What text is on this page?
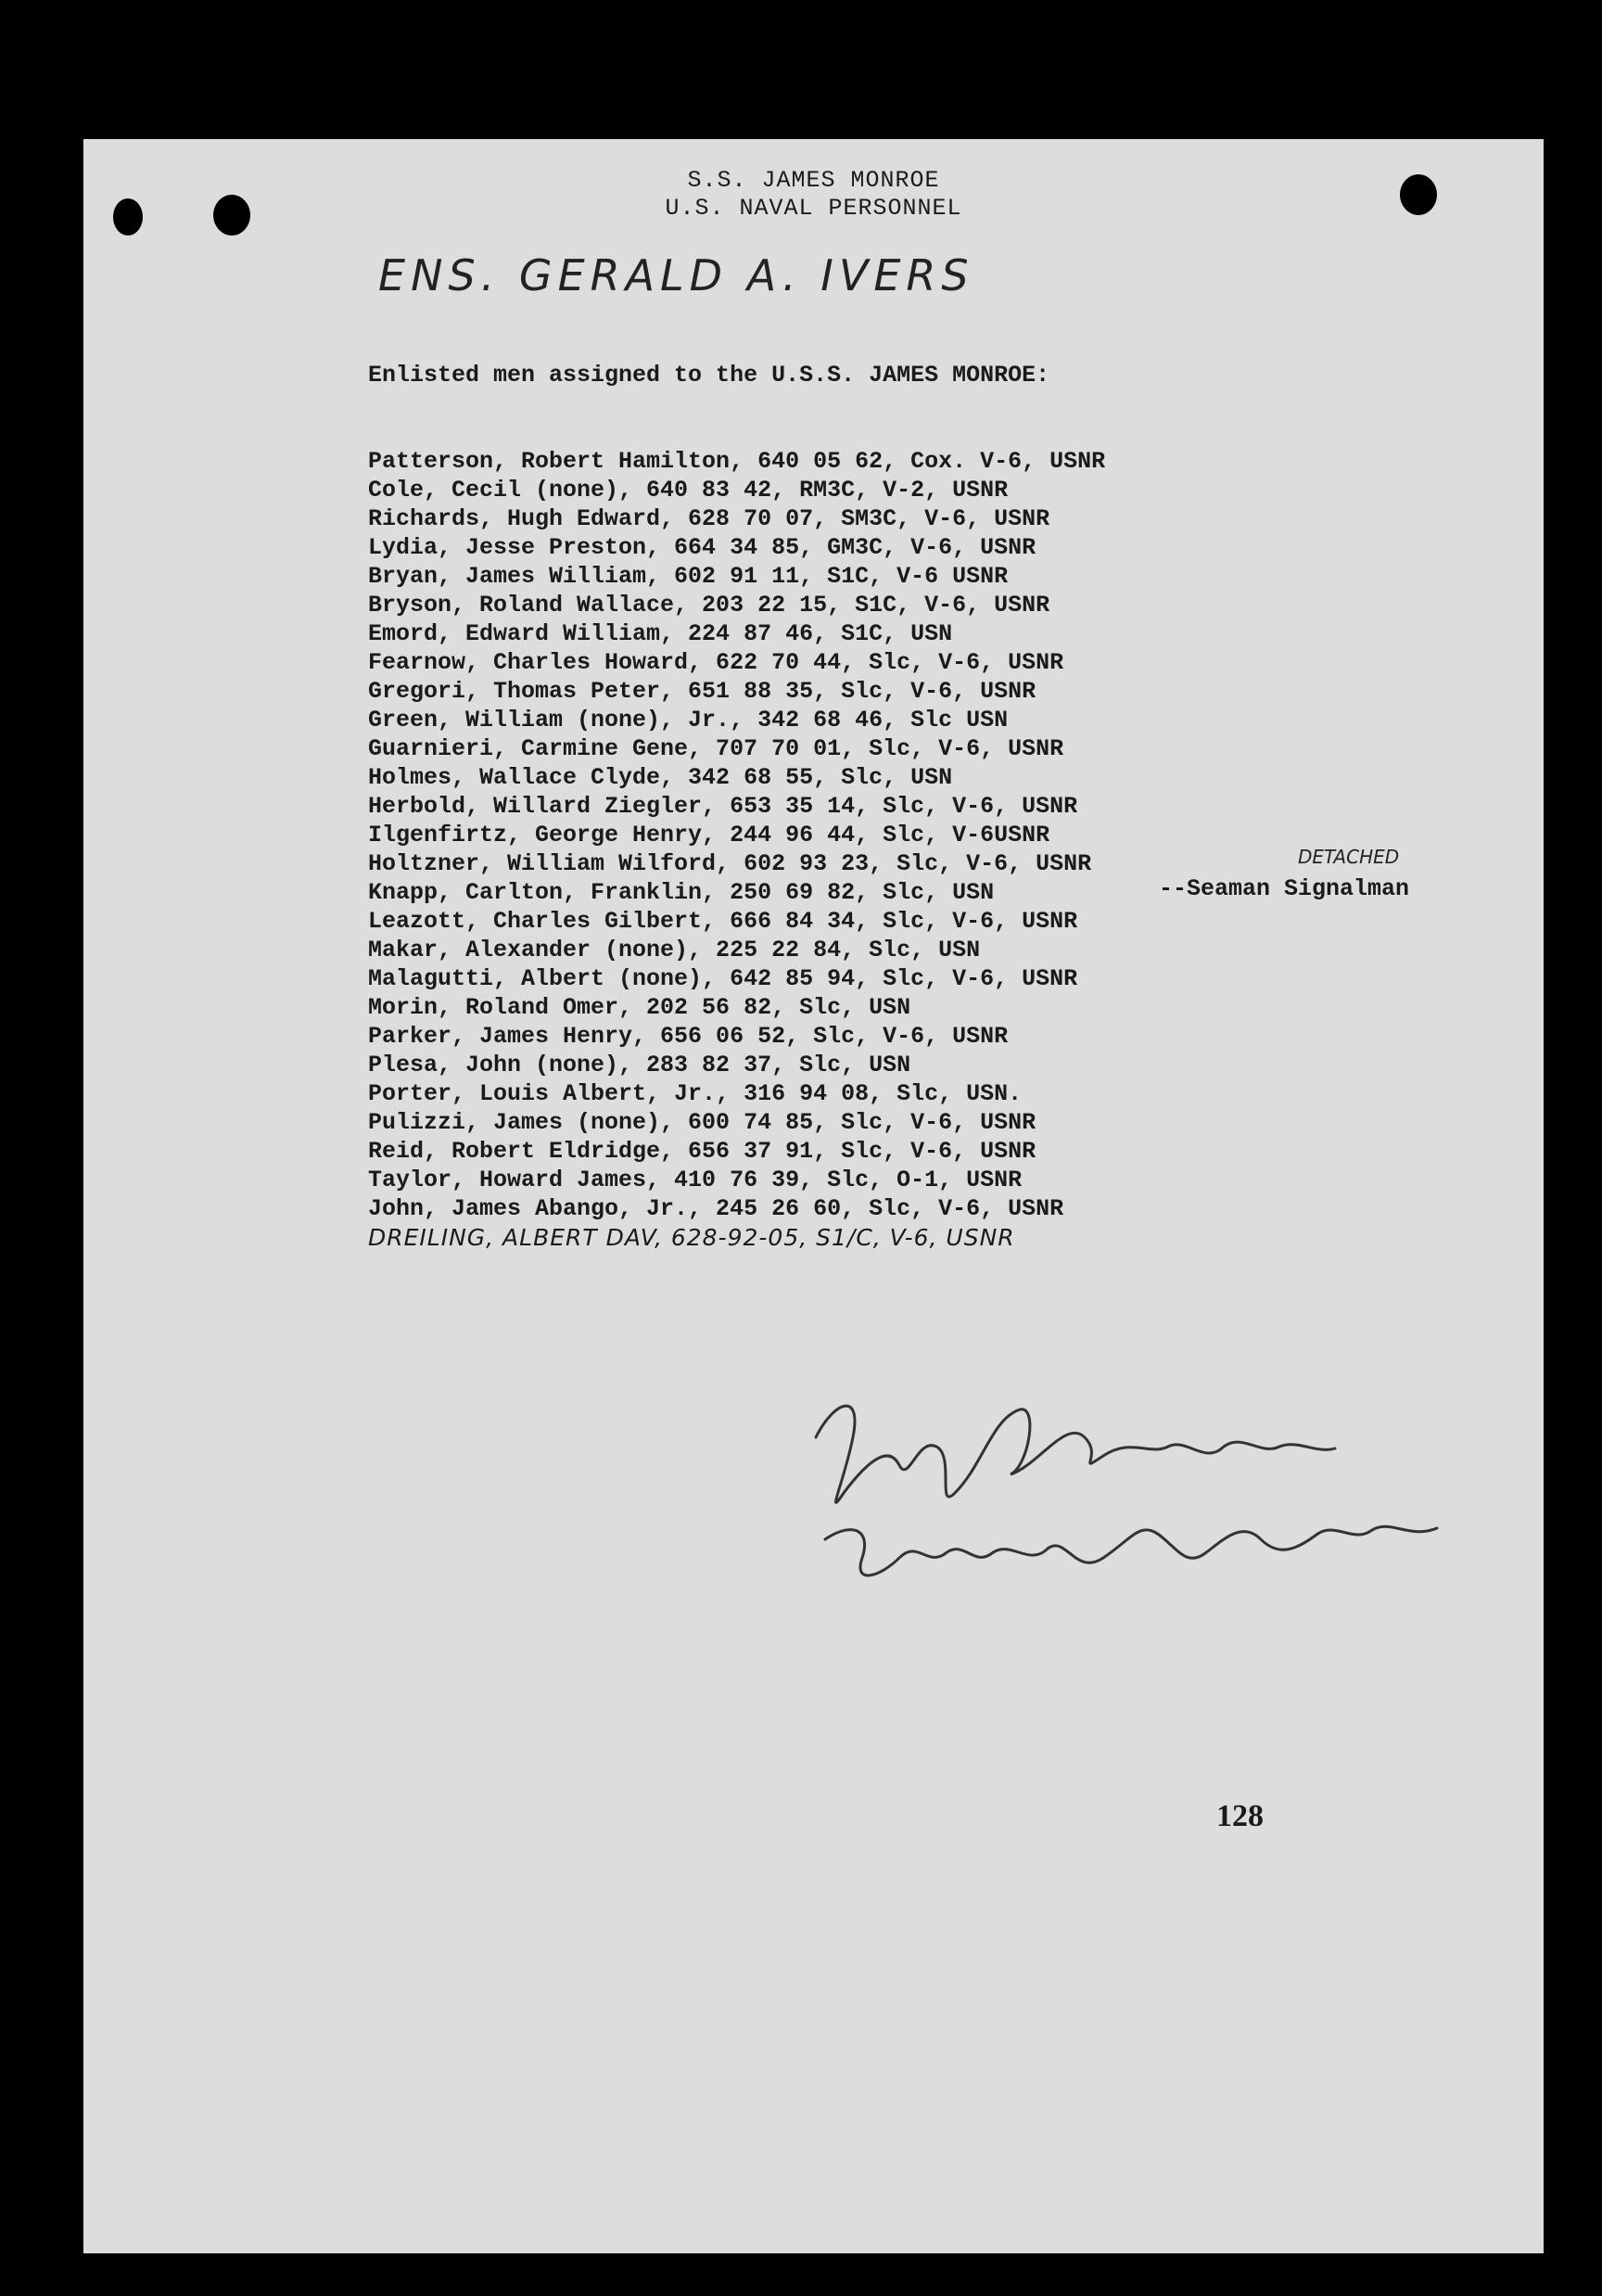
S.S. JAMES MONROE
U.S. NAVAL PERSONNEL
ENS. GERALD A. IVERS
Enlisted men assigned to the U.S.S. JAMES MONROE:
Patterson, Robert Hamilton, 640 05 62, Cox. V-6, USNR
Cole, Cecil (none), 640 83 42, RM3C, V-2, USNR
Richards, Hugh Edward, 628 70 07, SM3C, V-6, USNR
Lydia, Jesse Preston, 664 34 85, GM3C, V-6, USNR
Bryan, James William, 602 91 11, S1C, V-6 USNR
Bryson, Roland Wallace, 203 22 15, S1C, V-6, USNR
Emord, Edward William, 224 87 46, S1C, USN
Fearnow, Charles Howard, 622 70 44, Slc, V-6, USNR
Gregori, Thomas Peter, 651 88 35, Slc, V-6, USNR
Green, William (none), Jr., 342 68 46, Slc USN
Guarnieri, Carmine Gene, 707 70 01, Slc, V-6, USNR
Holmes, Wallace Clyde, 342 68 55, Slc, USN
Herbold, Willard Ziegler, 653 35 14, Slc, V-6, USNR
Ilgenfirtz, George Henry, 244 96 44, Slc, V-6USNR
Holtzner, William Wilford, 602 93 23, Slc, V-6, USNR
Knapp, Carlton, Franklin, 250 69 82, Slc, USN
Leazott, Charles Gilbert, 666 84 34, Slc, V-6, USNR
Makar, Alexander (none), 225 22 84, Slc, USN
Malagutti, Albert (none), 642 85 94, Slc, V-6, USNR
Morin, Roland Omer, 202 56 82, Slc, USN
Parker, James Henry, 656 06 52, Slc, V-6, USNR
Plesa, John (none), 283 82 37, Slc, USN
Porter, Louis Albert, Jr., 316 94 08, Slc, USN.
Pulizzi, James (none), 600 74 85, Slc, V-6, USNR
Reid, Robert Eldridge, 656 37 91, Slc, V-6, USNR
Taylor, Howard James, 410 76 39, Slc, O-1, USNR
John, James Abango, Jr., 245 26 60, Slc, V-6, USNR
DREILING, ALBERT DAV, 628-92-05, S1/C, V-6, USNR
DETACHED
--Seaman Signalman
128
